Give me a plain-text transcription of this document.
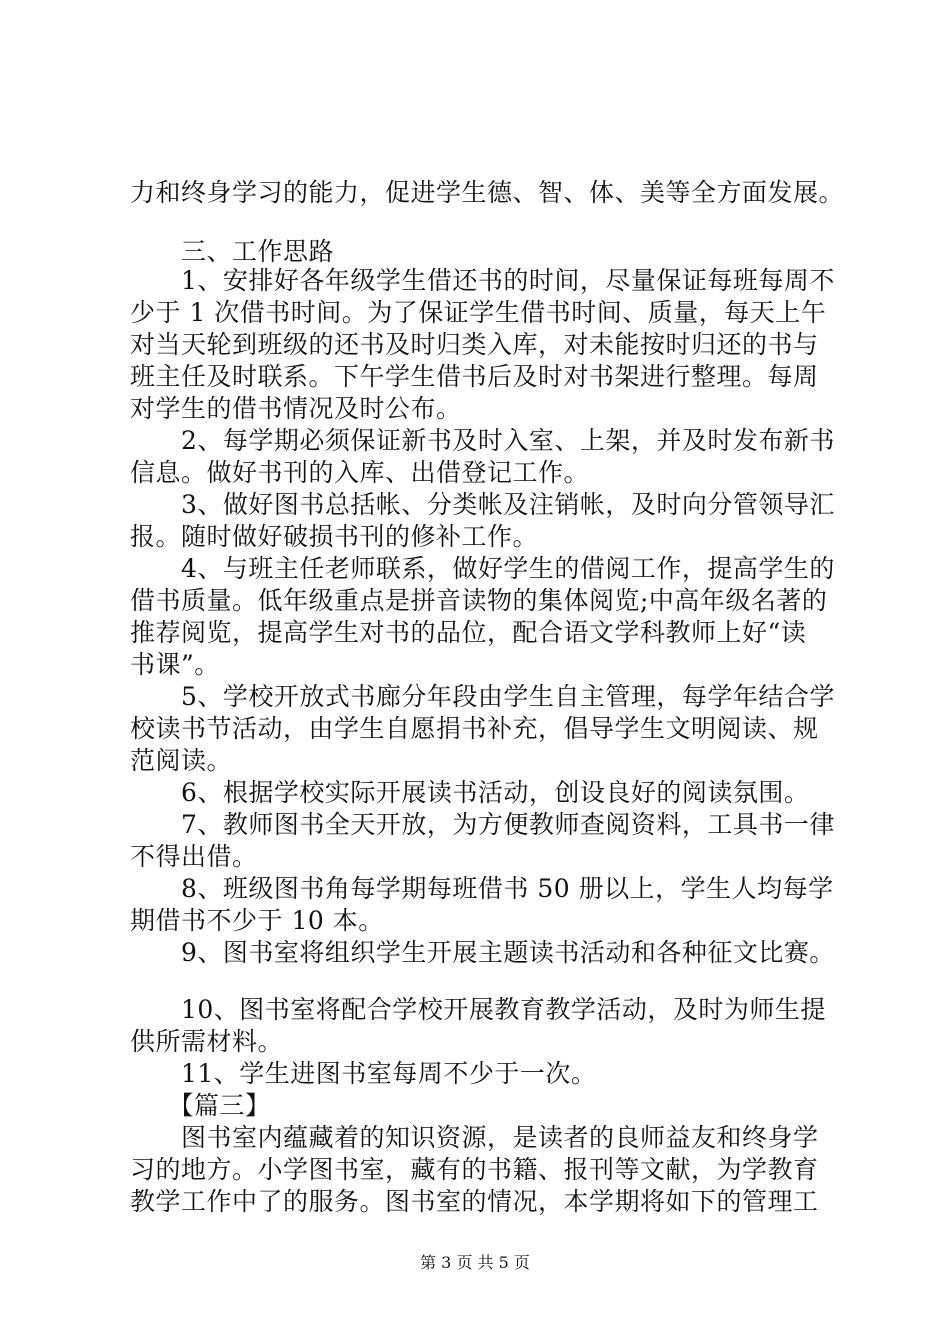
力和终身学习的能力，促进学生德、智、体、美等全方面发展。
　　三、工作思路
　　1、安排好各年级学生借还书的时间，尽量保证每班每周不
少于 1 次借书时间。为了保证学生借书时间、质量，每天上午
对当天轮到班级的还书及时归类入库，对未能按时归还的书与
班主任及时联系。下午学生借书后及时对书架进行整理。每周
对学生的借书情况及时公布。
　　2、每学期必须保证新书及时入室、上架，并及时发布新书
信息。做好书刊的入库、出借登记工作。
　　3、做好图书总括帐、分类帐及注销帐，及时向分管领导汇
报。随时做好破损书刊的修补工作。
　　4、与班主任老师联系，做好学生的借阅工作，提高学生的
借书质量。低年级重点是拼音读物的集体阅览;中高年级名著的
推荐阅览，提高学生对书的品位，配合语文学科教师上好“读
书课”。
　　5、学校开放式书廊分年段由学生自主管理，每学年结合学
校读书节活动，由学生自愿捐书补充，倡导学生文明阅读、规
范阅读。
　　6、根据学校实际开展读书活动，创设良好的阅读氛围。
　　7、教师图书全天开放，为方便教师查阅资料，工具书一律
不得出借。
　　8、班级图书角每学期每班借书 50 册以上，学生人均每学
期借书不少于 10 本。
　　9、图书室将组织学生开展主题读书活动和各种征文比赛。
　　10、图书室将配合学校开展教育教学活动，及时为师生提
供所需材料。
　　11、学生进图书室每周不少于一次。
　　【篇三】
　　图书室内蕴藏着的知识资源，是读者的良师益友和终身学
习的地方。小学图书室，藏有的书籍、报刊等文献，为学教育
教学工作中了的服务。图书室的情况，本学期将如下的管理工
第 3 页 共 5 页
